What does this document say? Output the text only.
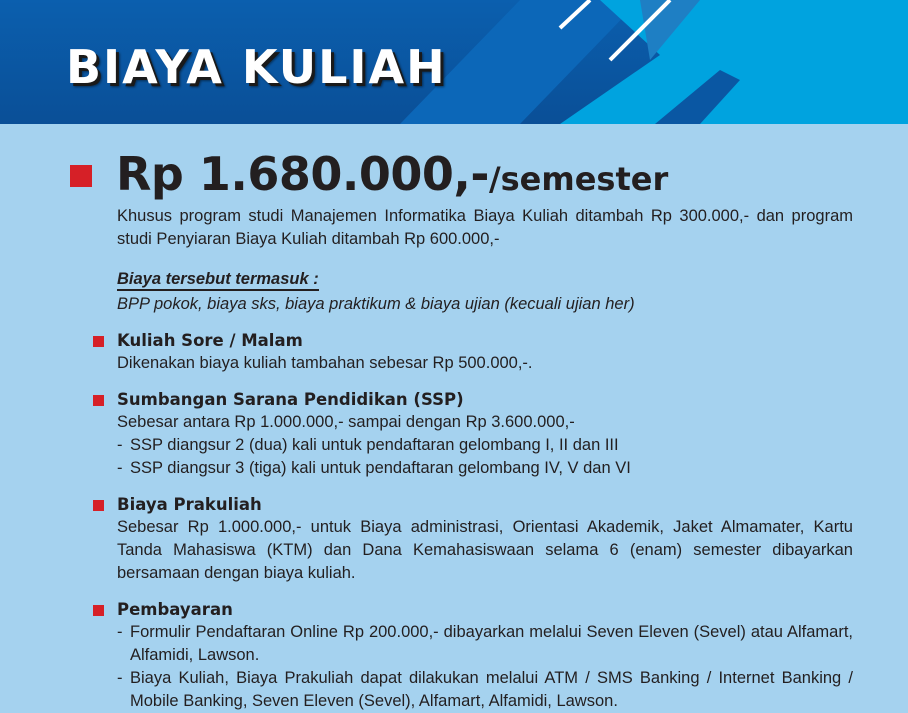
BIAYA KULIAH
Rp 1.680.000,-/semester

Khusus program studi Manajemen Informatika Biaya Kuliah ditambah Rp 300.000,- dan program studi Penyiaran Biaya Kuliah ditambah Rp 600.000,-

Biaya tersebut termasuk :

BPP pokok, biaya sks, biaya praktikum & biaya ujian (kecuali ujian her)

Kuliah Sore / Malam

Dikenakan biaya kuliah tambahan sebesar Rp 500.000,-.

Sumbangan Sarana Pendidikan (SSP)

Sebesar antara Rp 1.000.000,- sampai dengan Rp 3.600.000,-

- SSP diangsur 2 (dua) kali untuk pendaftaran gelombang I, II dan III
- SSP diangsur 3 (tiga) kali untuk pendaftaran gelombang IV, V dan VI
Biaya Prakuliah

Sebesar Rp 1.000.000,- untuk Biaya administrasi, Orientasi Akademik, Jaket Almamater, Kartu Tanda Mahasiswa (KTM) dan Dana Kemahasiswaan selama 6 (enam) semester dibayarkan bersamaan dengan biaya kuliah.

Pembayaran
- Formulir Pendaftaran Online Rp 200.000,- dibayarkan melalui Seven Eleven (Sevel) atau Alfamart, Alfamidi, Lawson.
- Biaya Kuliah, Biaya Prakuliah dapat dilakukan melalui ATM / SMS Banking / Internet Banking / Mobile Banking, Seven Eleven (Sevel), Alfamart, Alfamidi, Lawson.
